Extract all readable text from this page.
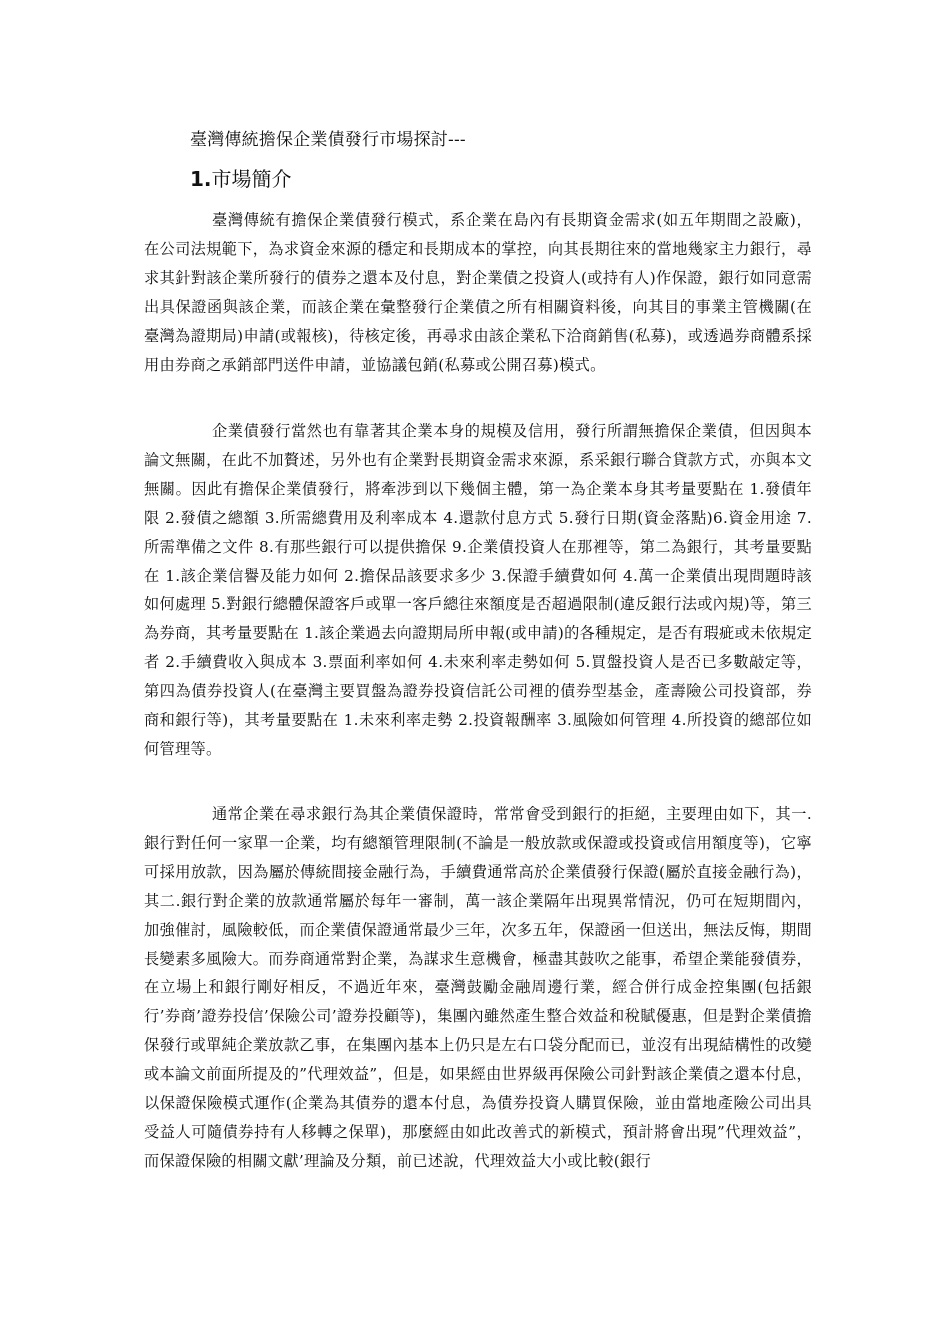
臺灣傳統擔保企業債發行市場探討---
1.市場簡介

臺灣傳統有擔保企業債發行模式，系企業在島內有長期資金需求(如五年期間之設廠)，在公司法規範下，為求資金來源的穩定和長期成本的掌控，向其長期往來的當地幾家主力銀行，尋求其針對該企業所發行的債券之還本及付息，對企業債之投資人(或持有人)作保證，銀行如同意需出具保證函與該企業，而該企業在彙整發行企業債之所有相關資料後，向其目的事業主管機關(在臺灣為證期局)申請(或報核)，待核定後，再尋求由該企業私下洽商銷售(私募)，或透過券商體系採用由券商之承銷部門送件申請，並協議包銷(私募或公開召募)模式。

企業債發行當然也有靠著其企業本身的規模及信用，發行所謂無擔保企業債，但因與本論文無關，在此不加贅述，另外也有企業對長期資金需求來源，系采銀行聯合貸款方式，亦與本文無關。因此有擔保企業債發行，將牽涉到以下幾個主體，第一為企業本身其考量要點在 1.發債年限 2.發債之總額 3.所需總費用及利率成本 4.還款付息方式 5.發行日期(資金落點)6.資金用途 7.所需準備之文件 8.有那些銀行可以提供擔保 9.企業債投資人在那裡等，第二為銀行，其考量要點在 1.該企業信譽及能力如何 2.擔保品該要求多少 3.保證手續費如何 4.萬一企業債出現問題時該如何處理 5.對銀行總體保證客戶或單一客戶總往來額度是否超過限制(違反銀行法或內規)等，第三為券商，其考量要點在 1.該企業過去向證期局所申報(或申請)的各種規定，是否有瑕疵或未依規定者 2.手續費收入與成本 3.票面利率如何 4.未來利率走勢如何 5.買盤投資人是否已多數敲定等，第四為債券投資人(在臺灣主要買盤為證券投資信託公司裡的債券型基金，產壽險公司投資部，券商和銀行等)，其考量要點在 1.未來利率走勢 2.投資報酬率 3.風險如何管理 4.所投資的總部位如何管理等。

通常企業在尋求銀行為其企業債保證時，常常會受到銀行的拒絕，主要理由如下，其一.銀行對任何一家單一企業，均有總額管理限制(不論是一般放款或保證或投資或信用額度等)，它寧可採用放款，因為屬於傳統間接金融行為，手續費通常高於企業債發行保證(屬於直接金融行為)，其二.銀行對企業的放款通常屬於每年一審制，萬一該企業隔年出現異常情況，仍可在短期間內，加強催討，風險較低，而企業債保證通常最少三年，次多五年，保證函一但送出，無法反悔，期間長變素多風險大。而券商通常對企業，為謀求生意機會，極盡其鼓吹之能事，希望企業能發債券，在立場上和銀行剛好相反，不過近年來，臺灣鼓勵金融周邊行業，經合併行成金控集團(包括銀行’券商’證券投信’保險公司’證券投顧等)，集團內雖然產生整合效益和稅賦優惠，但是對企業債擔保發行或單純企業放款乙事，在集團內基本上仍只是左右口袋分配而已，並沒有出現結構性的改變或本論文前面所提及的”代理效益”，但是，如果經由世界級再保險公司針對該企業債之還本付息，以保證保險模式運作(企業為其債券的還本付息，為債券投資人購買保險，並由當地產險公司出具受益人可隨債券持有人移轉之保單)，那麼經由如此改善式的新模式，預計將會出現”代理效益”，而保證保險的相關文獻’理論及分類，前已述說，代理效益大小或比較(銀行
